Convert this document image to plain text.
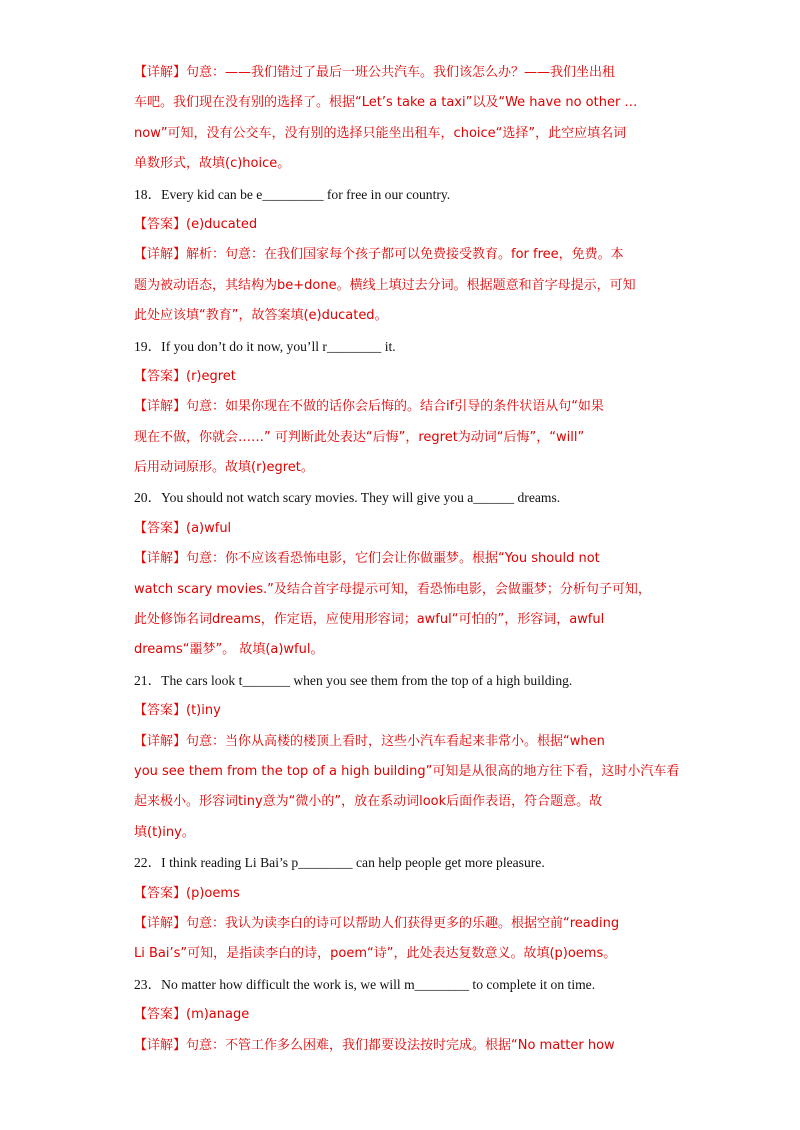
【详解】句意：——我们错过了最后一班公共汽车。我们该怎么办？——我们坐出租
车吧。我们现在没有别的选择了。根据“Let’s take a taxi”以及“We have no other …
now”可知，没有公交车，没有别的选择只能坐出租车，choice“选择”，此空应填名词
单数形式，故填(c)hoice。
18．Every kid can be e_________ for free in our country.
【答案】(e)ducated
【详解】解析：句意：在我们国家每个孩子都可以免费接受教育。for free，免费。本
题为被动语态，其结构为be+done。横线上填过去分词。根据题意和首字母提示，可知
此处应该填“教育”，故答案填(e)ducated。
19．If you don’t do it now, you’ll r________ it.
【答案】(r)egret
【详解】句意：如果你现在不做的话你会后悔的。结合if引导的条件状语从句“如果
现在不做，你就会……” 可判断此处表达“后悔”，regret为动词“后悔”，“will”
后用动词原形。故填(r)egret。
20．You should not watch scary movies. They will give you a______ dreams.
【答案】(a)wful
【详解】句意：你不应该看恐怖电影，它们会让你做噩梦。根据“You should not
watch scary movies.”及结合首字母提示可知，看恐怖电影，会做噩梦；分析句子可知，
此处修饰名词dreams，作定语，应使用形容词；awful“可怕的”，形容词，awful
dreams“噩梦”。 故填(a)wful。
21．The cars look t_______ when you see them from the top of a high building.
【答案】(t)iny
【详解】句意：当你从高楼的楼顶上看时，这些小汽车看起来非常小。根据“when
you see them from the top of a high building”可知是从很高的地方往下看，这时小汽车看
起来极小。形容词tiny意为“微小的”，放在系动词look后面作表语，符合题意。故
填(t)iny。
22．I think reading Li Bai’s p________ can help people get more pleasure.
【答案】(p)oems
【详解】句意：我认为读李白的诗可以帮助人们获得更多的乐趣。根据空前“reading
Li Bai’s”可知，是指读李白的诗，poem“诗”，此处表达复数意义。故填(p)oems。
23．No matter how difficult the work is, we will m________ to complete it on time.
【答案】(m)anage
【详解】句意：不管工作多么困难，我们都要设法按时完成。根据“No matter how
